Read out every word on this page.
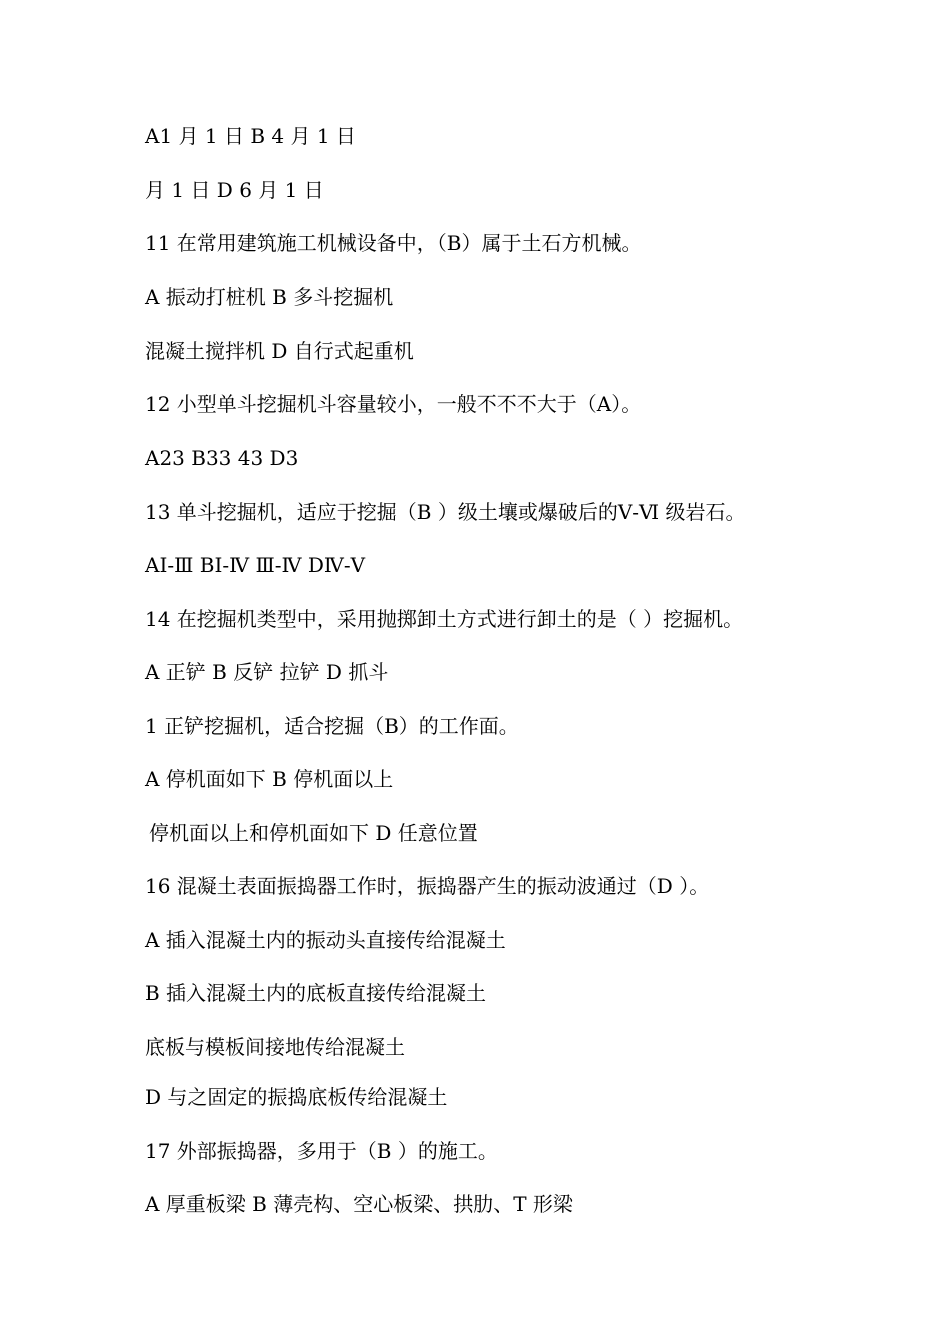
A1 月 1 日 B 4 月 1 日
月 1 日 D 6 月 1 日
11 在常用建筑施工机械设备中，（B）属于土石方机械。
A 振动打桩机 B 多斗挖掘机
混凝土搅拌机 D 自行式起重机
12 小型单斗挖掘机斗容量较小，一般不不不大于（A）。
A23 B33 43 D3
13 单斗挖掘机，适应于挖掘（B ）级土壤或爆破后的Ⅴ-Ⅵ 级岩石。
AⅠ-Ⅲ BⅠ-Ⅳ Ⅲ-Ⅳ DⅣ-Ⅴ
14 在挖掘机类型中，采用抛掷卸土方式进行卸土的是（ ）挖掘机。
A 正铲 B 反铲 拉铲 D 抓斗
1 正铲挖掘机，适合挖掘（B）的工作面。
A 停机面如下 B 停机面以上
停机面以上和停机面如下 D 任意位置
16 混凝土表面振捣器工作时，振捣器产生的振动波通过（D ）。
A 插入混凝土内的振动头直接传给混凝土
B 插入混凝土内的底板直接传给混凝土
底板与模板间接地传给混凝土
D 与之固定的振捣底板传给混凝土
17 外部振捣器，多用于（B ）的施工。
A 厚重板梁 B 薄壳构、空心板梁、拱肋、T 形梁
